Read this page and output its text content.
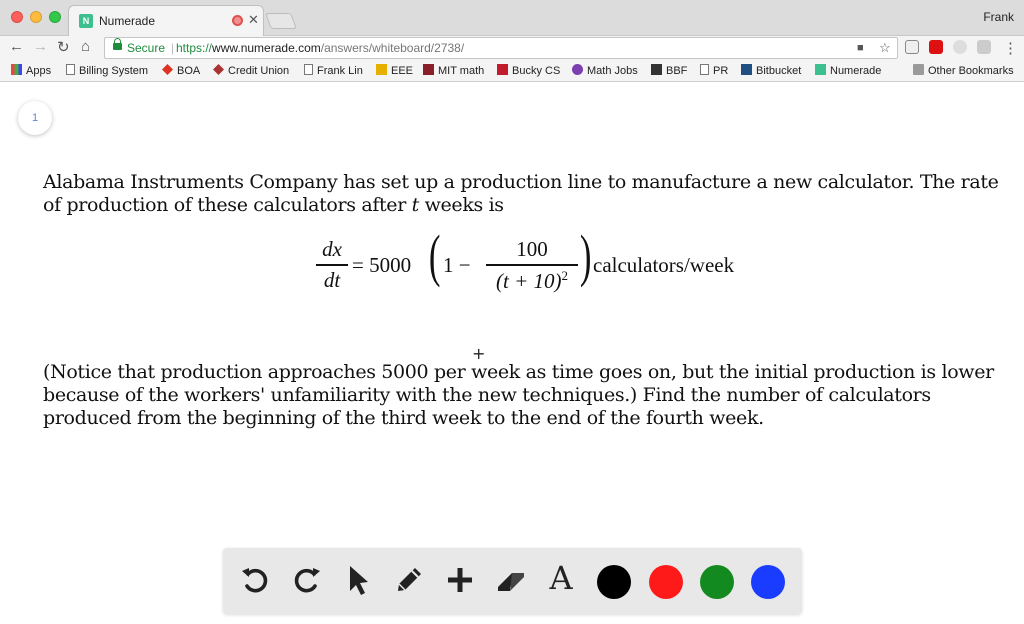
N Numerade	✕	Frank
← → ↻ ⌂	Secure | https://www.numerade.com/answers/whiteboard/2738/	■ ☆	⋮
Apps	Billing System	BOA	Credit Union	Frank Lin	EEE	MIT math	Bucky CS	Math Jobs	BBF	PR	Bitbucket	Numerade	Other Bookmarks
1
Alabama Instruments Company has set up a production line to manufacture a new calculator. The rate of production of these calculators after t weeks is
dx
dt
= 5000 ( 1 −
100
$(t + 10)^2$ ) calculators/week
+
(Notice that production approaches 5000 per week as time goes on, but the initial production is lower because of the workers' unfamiliarity with the new techniques.) Find the number of calculators produced from the beginning of the third week to the end of the fourth week.
A
